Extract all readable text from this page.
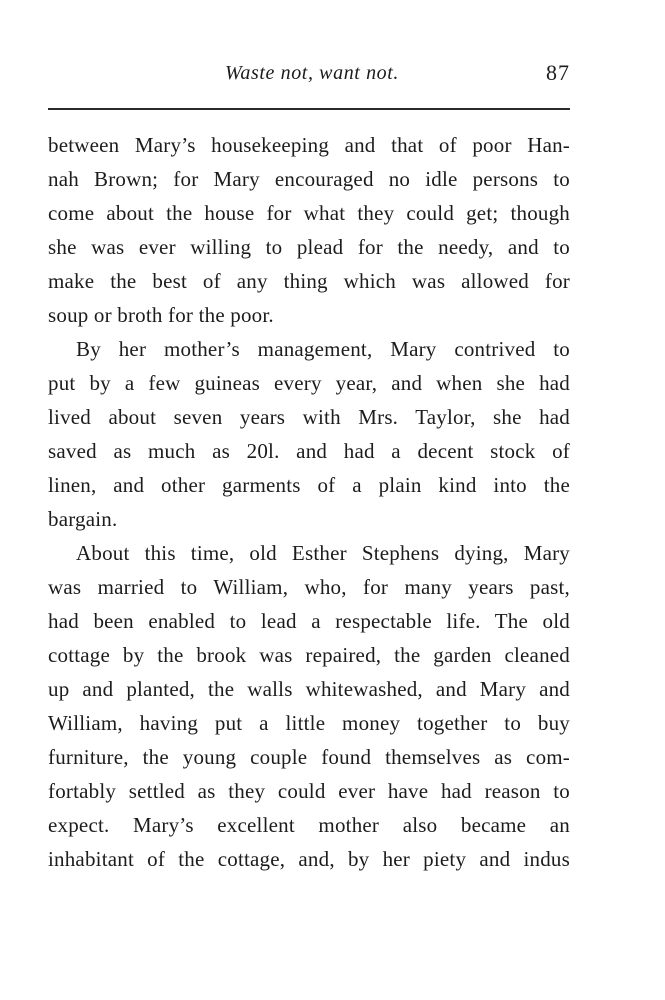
Waste not, want not.	87
between Mary’s housekeeping and that of poor Han-
nah Brown; for Mary encouraged no idle persons to
come about the house for what they could get; though
she was ever willing to plead for the needy, and to
make the best of any thing which was allowed for
soup or broth for the poor.
By her mother’s management, Mary contrived to
put by a few guineas every year, and when she had
lived about seven years with Mrs. Taylor, she had
saved as much as 20l. and had a decent stock of
linen, and other garments of a plain kind into the
bargain.
About this time, old Esther Stephens dying, Mary
was married to William, who, for many years past,
had been enabled to lead a respectable life. The old
cottage by the brook was repaired, the garden cleaned
up and planted, the walls whitewashed, and Mary and
William, having put a little money together to buy
furniture, the young couple found themselves as com-
fortably settled as they could ever have had reason to
expect. Mary’s excellent mother also became an
inhabitant of the cottage, and, by her piety and indus
